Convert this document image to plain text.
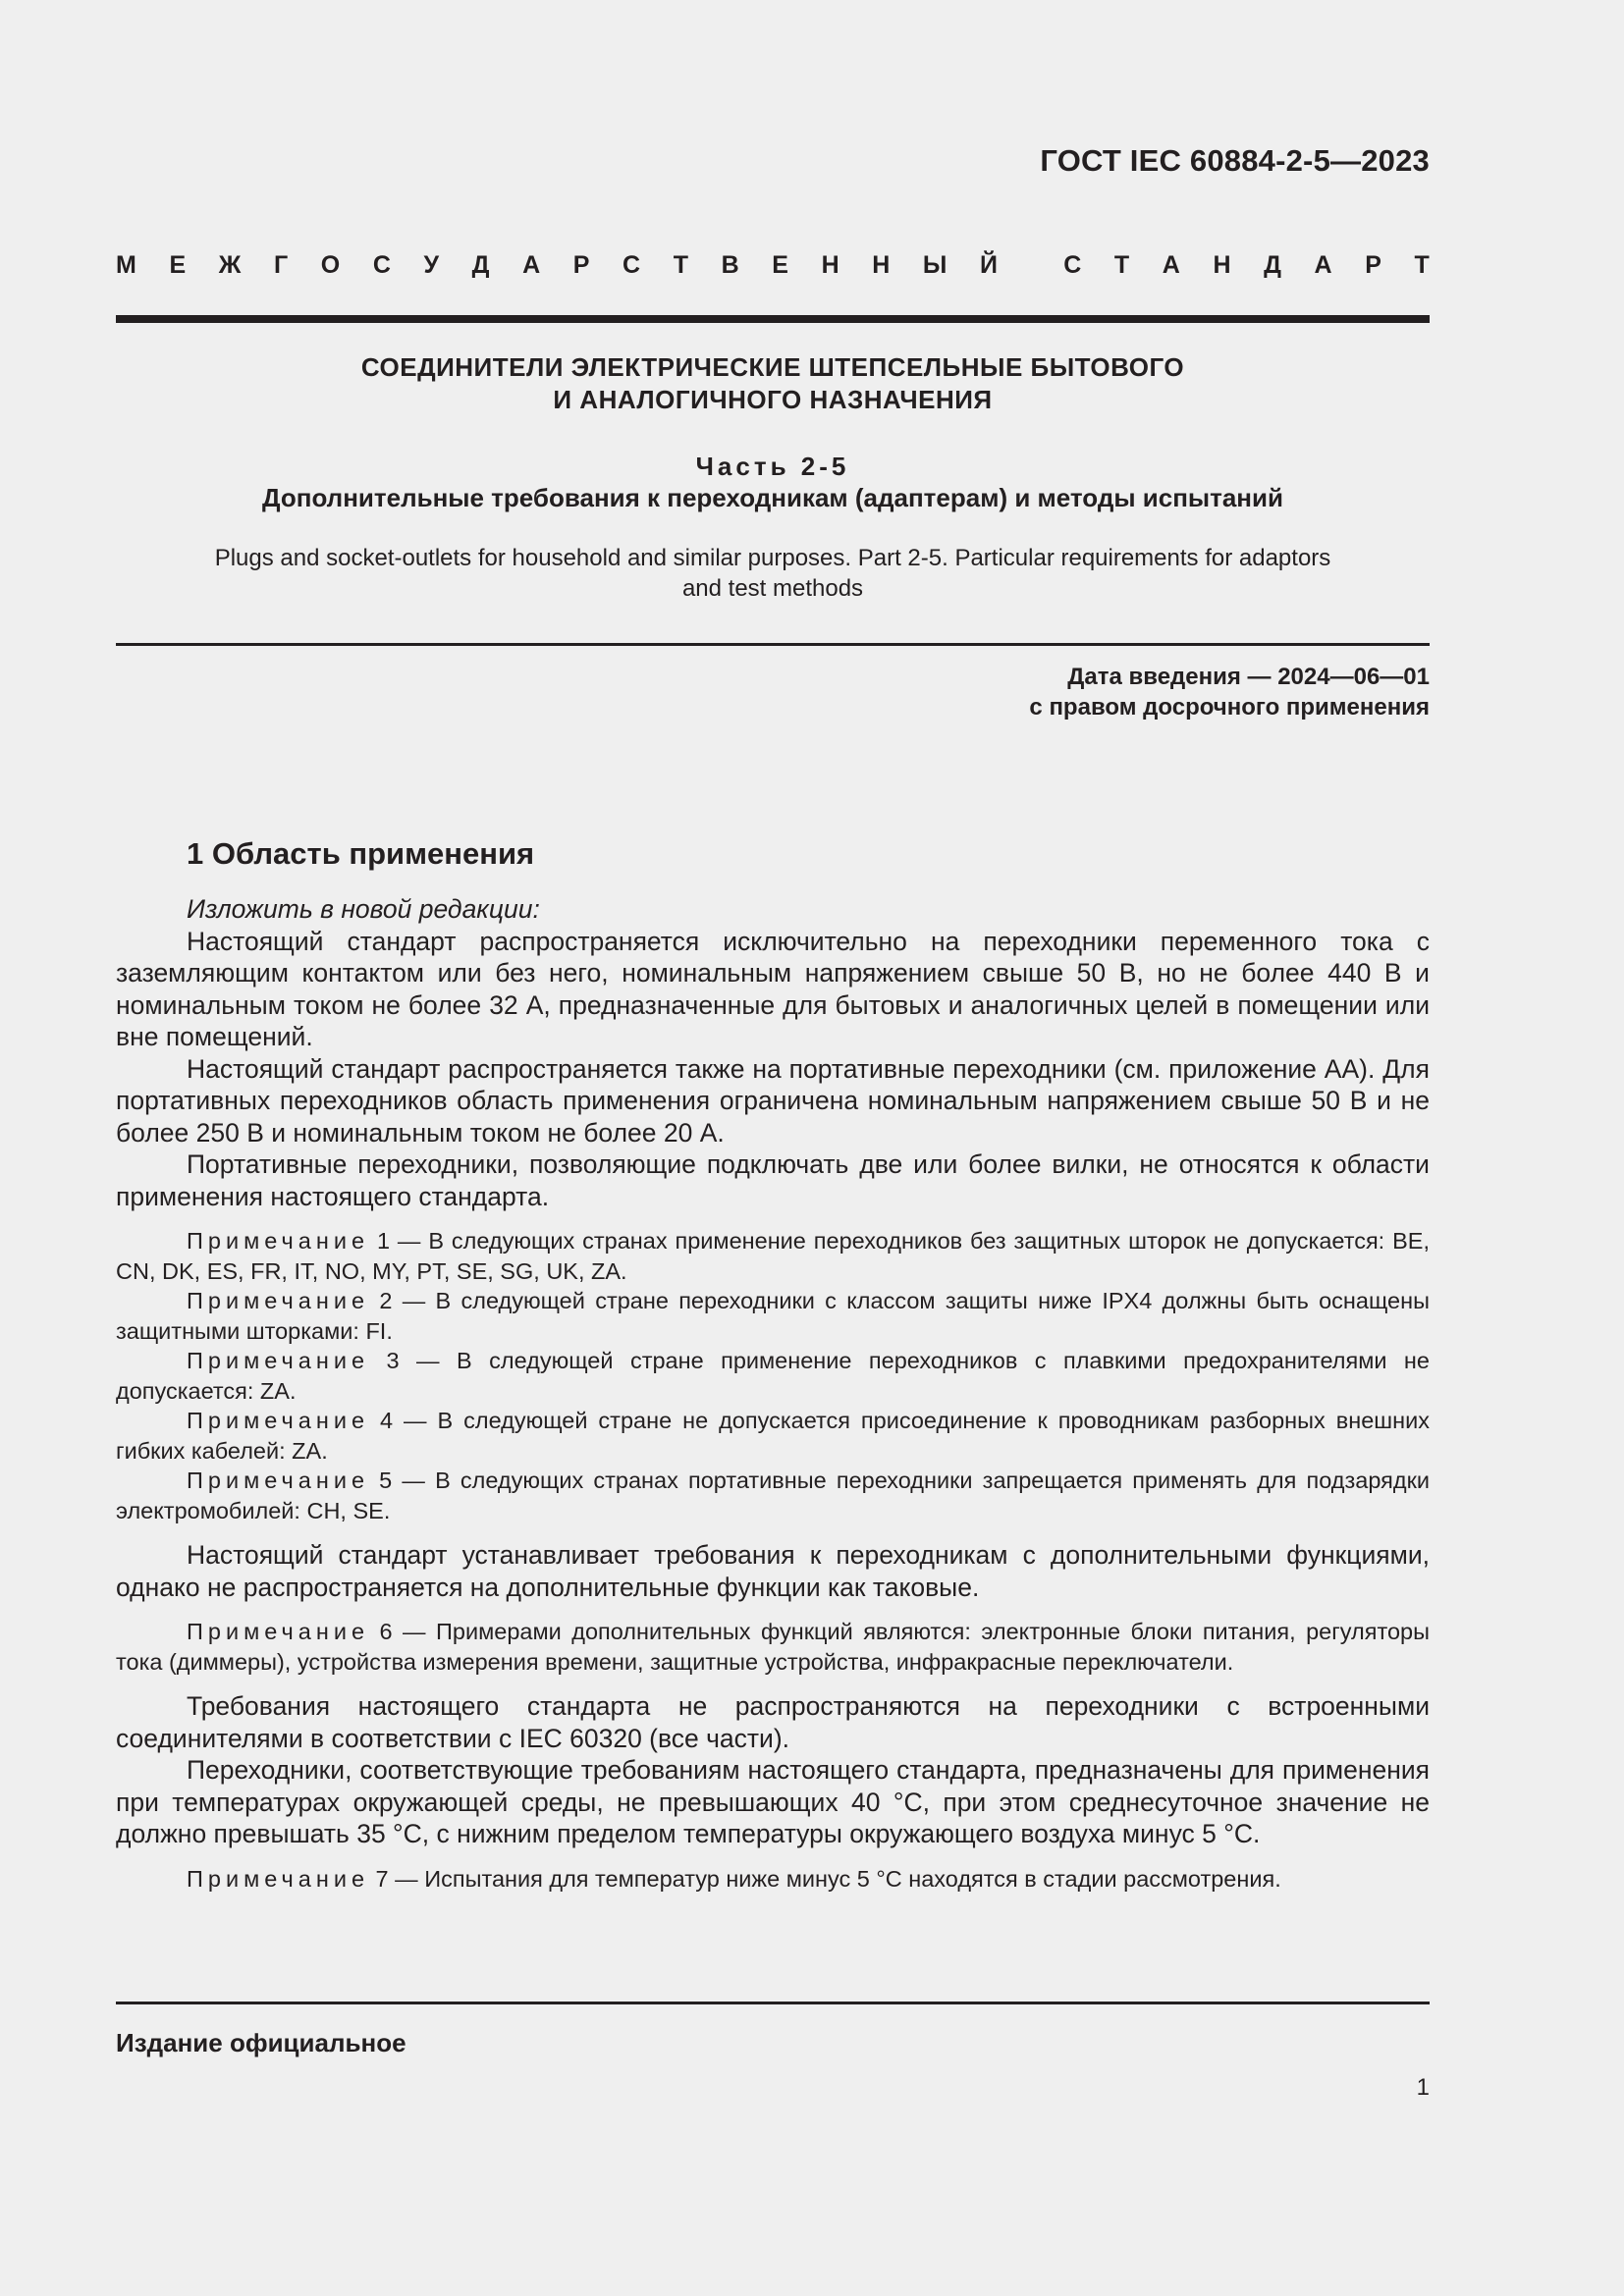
ГОСТ IEC 60884-2-5—2023
М Е Ж Г О С У Д А Р С Т В Е Н Н Ы Й	С Т А Н Д А Р Т
СОЕДИНИТЕЛИ ЭЛЕКТРИЧЕСКИЕ ШТЕПСЕЛЬНЫЕ БЫТОВОГО
И АНАЛОГИЧНОГО НАЗНАЧЕНИЯ
Часть 2-5
Дополнительные требования к переходникам (адаптерам) и методы испытаний
Plugs and socket-outlets for household and similar purposes. Part 2-5. Particular requirements for adaptors
and test methods
Дата введения — 2024—06—01
с правом досрочного применения
1 Область применения

Изложить в новой редакции:

Настоящий стандарт распространяется исключительно на переходники переменного тока с заземляющим контактом или без него, номинальным напряжением свыше 50 В, но не более 440 В и номинальным током не более 32 А, предназначенные для бытовых и аналогичных целей в помещении или вне помещений.

Настоящий стандарт распространяется также на портативные переходники (см. приложение АА). Для портативных переходников область применения ограничена номинальным напряжением свыше 50 В и не более 250 В и номинальным током не более 20 А.

Портативные переходники, позволяющие подключать две или более вилки, не относятся к области применения настоящего стандарта.

Примечание 1 — В следующих странах применение переходников без защитных шторок не допускается: BE, CN, DK, ES, FR, IT, NO, MY, PT, SE, SG, UK, ZA.

Примечание 2 — В следующей стране переходники с классом защиты ниже IPX4 должны быть оснащены защитными шторками: FI.

Примечание 3 — В следующей стране применение переходников с плавкими предохранителями не допускается: ZA.

Примечание 4 — В следующей стране не допускается присоединение к проводникам разборных внешних гибких кабелей: ZA.

Примечание 5 — В следующих странах портативные переходники запрещается применять для подзарядки электромобилей: CH, SE.

Настоящий стандарт устанавливает требования к переходникам с дополнительными функциями, однако не распространяется на дополнительные функции как таковые.

Примечание 6 — Примерами дополнительных функций являются: электронные блоки питания, регуляторы тока (диммеры), устройства измерения времени, защитные устройства, инфракрасные переключатели.

Требования настоящего стандарта не распространяются на переходники с встроенными соединителями в соответствии с IEC 60320 (все части).

Переходники, соответствующие требованиям настоящего стандарта, предназначены для применения при температурах окружающей среды, не превышающих 40 °С, при этом среднесуточное значение не должно превышать 35 °С, с нижним пределом температуры окружающего воздуха минус 5 °С.

Примечание 7 — Испытания для температур ниже минус 5 °С находятся в стадии рассмотрения.

Издание официальное
1
